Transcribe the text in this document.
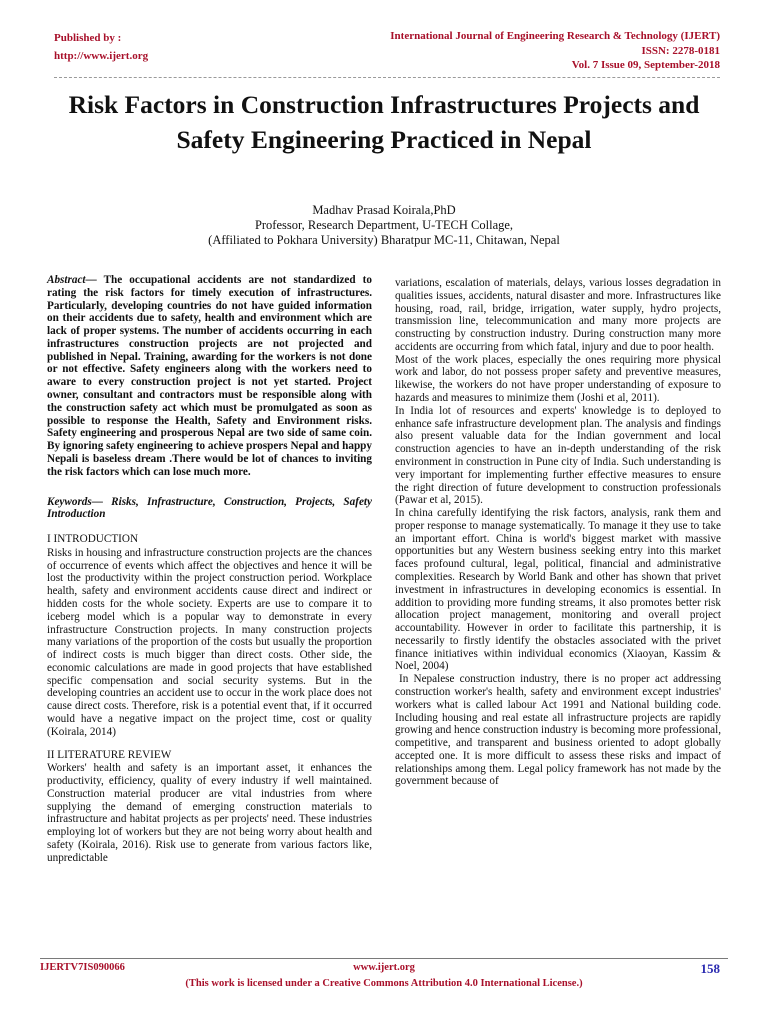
Published by :
http://www.ijert.org
International Journal of Engineering Research & Technology (IJERT)
ISSN: 2278-0181
Vol. 7 Issue 09, September-2018
Risk Factors in Construction Infrastructures Projects and Safety Engineering Practiced in Nepal
Madhav Prasad Koirala,PhD
Professor, Research Department, U-TECH Collage,
(Affiliated to Pokhara University) Bharatpur MC-11, Chitawan, Nepal

Abstract— The occupational accidents are not standardized to rating the risk factors for timely execution of infrastructures. Particularly, developing countries do not have guided information on their accidents due to safety, health and environment which are lack of proper systems. The number of accidents occurring in each infrastructures construction projects are not projected and published in Nepal. Training, awarding for the workers is not done or not effective. Safety engineers along with the workers need to aware to every construction project is not yet started. Project owner, consultant and contractors must be responsible along with the construction safety act which must be promulgated as soon as possible to response the Health, Safety and Environment risks. Safety engineering and prosperous Nepal are two side of same coin. By ignoring safety engineering to achieve prospers Nepal and happy Nepali is baseless dream .There would be lot of chances to inviting the risk factors which can lose much more.

Keywords— Risks, Infrastructure, Construction, Projects, Safety Introduction

I INTRODUCTION

Risks in housing and infrastructure construction projects are the chances of occurrence of events which affect the objectives and hence it will be lost the productivity within the project construction period. Workplace health, safety and environment accidents cause direct and indirect or hidden costs for the whole society. Experts are use to compare it to iceberg model which is a popular way to demonstrate in every infrastructure Construction projects. In many construction projects many variations of the proportion of the costs but usually the proportion of indirect costs is much bigger than direct costs. Other side, the economic calculations are made in good projects that have established specific compensation and social security systems. But in the developing countries an accident use to occur in the work place does not cause direct costs. Therefore, risk is a potential event that, if it occurred would have a negative impact on the project time, cost or quality (Koirala, 2014)

II LITERATURE REVIEW

Workers' health and safety is an important asset, it enhances the productivity, efficiency, quality of every industry if well maintained. Construction material producer are vital industries from where supplying the demand of emerging construction materials to infrastructure and habitat projects as per projects' need. These industries employing lot of workers but they are not being worry about health and safety (Koirala, 2016). Risk use to generate from various factors like, unpredictable

variations, escalation of materials, delays, various losses degradation in qualities issues, accidents, natural disaster and more. Infrastructures like housing, road, rail, bridge, irrigation, water supply, hydro projects, transmission line, telecommunication and many more projects are constructing by construction industry. During construction many more accidents are occurring from which fatal, injury and due to poor health.

Most of the work places, especially the ones requiring more physical work and labor, do not possess proper safety and preventive measures, likewise, the workers do not have proper understanding of exposure to hazards and measures to minimize them (Joshi et al, 2011).

In India lot of resources and experts' knowledge is to deployed to enhance safe infrastructure development plan. The analysis and findings also present valuable data for the Indian government and local construction agencies to have an in-depth understanding of the risk environment in construction in Pune city of India. Such understanding is very important for implementing further effective measures to ensure the right direction of future development to construction professionals (Pawar et al, 2015).

In china carefully identifying the risk factors, analysis, rank them and proper response to manage systematically. To manage it they use to take an important effort. China is world's biggest market with massive opportunities but any Western business seeking entry into this market faces profound cultural, legal, political, financial and administrative complexities. Research by World Bank and other has shown that privet investment in infrastructures in developing economics is essential. In addition to providing more funding streams, it also promotes better risk allocation project management, monitoring and overall project accountability. However in order to facilitate this partnership, it is necessarily to firstly identify the obstacles associated with the privet finance initiatives within individual economics (Xiaoyan, Kassim & Noel, 2004)

In Nepalese construction industry, there is no proper act addressing construction worker's health, safety and environment except industries' workers what is called labour Act 1991 and National building code. Including housing and real estate all infrastructure projects are rapidly growing and hence construction industry is becoming more professional, competitive, and transparent and business oriented to adopt globally accepted one. It is more difficult to assess these risks and impact of relationships among them. Legal policy framework has not made by the government because of

IJERTV7IS090066	www.ijert.org	158
(This work is licensed under a Creative Commons Attribution 4.0 International License.)
